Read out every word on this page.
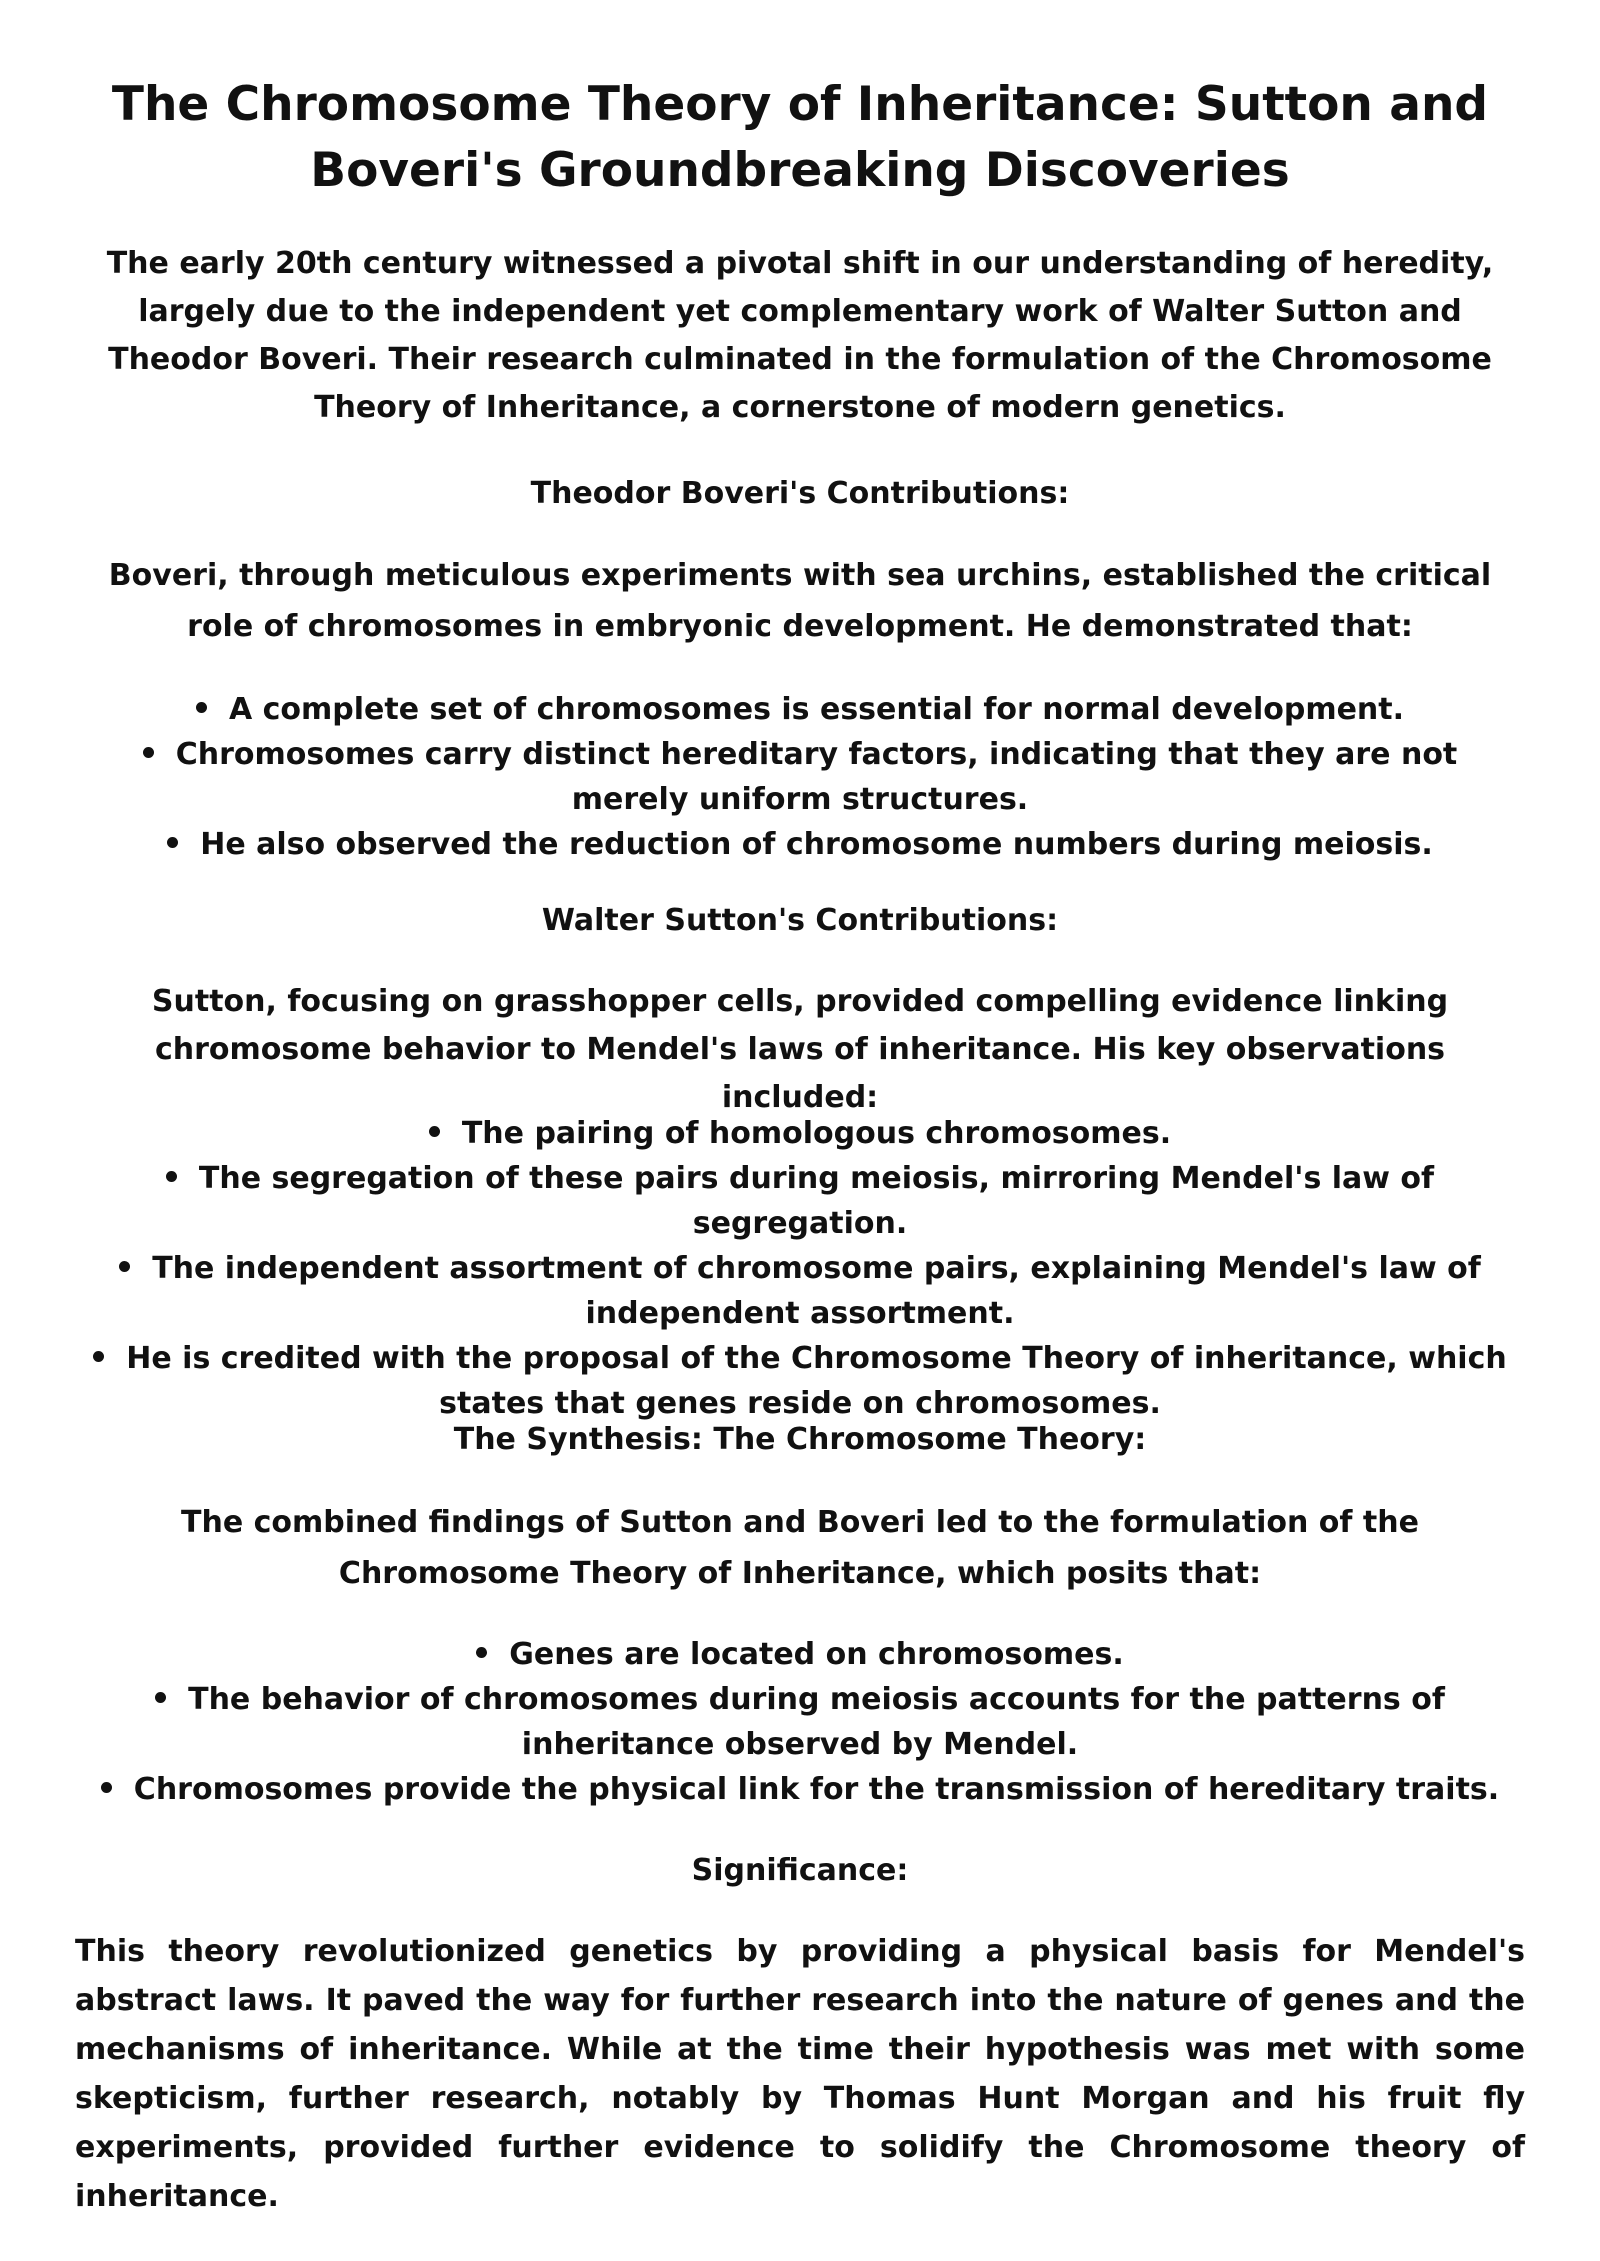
The Chromosome Theory of Inheritance: Sutton and Boveri's Groundbreaking Discoveries

The early 20th century witnessed a pivotal shift in our understanding of heredity, largely due to the independent yet complementary work of Walter Sutton and Theodor Boveri. Their research culminated in the formulation of the Chromosome Theory of Inheritance, a cornerstone of modern genetics.

Theodor Boveri's Contributions:

Boveri, through meticulous experiments with sea urchins, established the critical role of chromosomes in embryonic development. He demonstrated that:

A complete set of chromosomes is essential for normal development.
Chromosomes carry distinct hereditary factors, indicating that they are not merely uniform structures.
He also observed the reduction of chromosome numbers during meiosis.
Walter Sutton's Contributions:

Sutton, focusing on grasshopper cells, provided compelling evidence linking chromosome behavior to Mendel's laws of inheritance. His key observations included:

The pairing of homologous chromosomes.
The segregation of these pairs during meiosis, mirroring Mendel's law of segregation.
The independent assortment of chromosome pairs, explaining Mendel's law of independent assortment.
He is credited with the proposal of the Chromosome Theory of inheritance, which states that genes reside on chromosomes.
The Synthesis: The Chromosome Theory:

The combined findings of Sutton and Boveri led to the formulation of the Chromosome Theory of Inheritance, which posits that:

Genes are located on chromosomes.
The behavior of chromosomes during meiosis accounts for the patterns of inheritance observed by Mendel.
Chromosomes provide the physical link for the transmission of hereditary traits.
Significance:

This theory revolutionized genetics by providing a physical basis for Mendel's abstract laws. It paved the way for further research into the nature of genes and the mechanisms of inheritance. While at the time their hypothesis was met with some skepticism, further research, notably by Thomas Hunt Morgan and his fruit fly experiments, provided further evidence to solidify the Chromosome theory of inheritance.
